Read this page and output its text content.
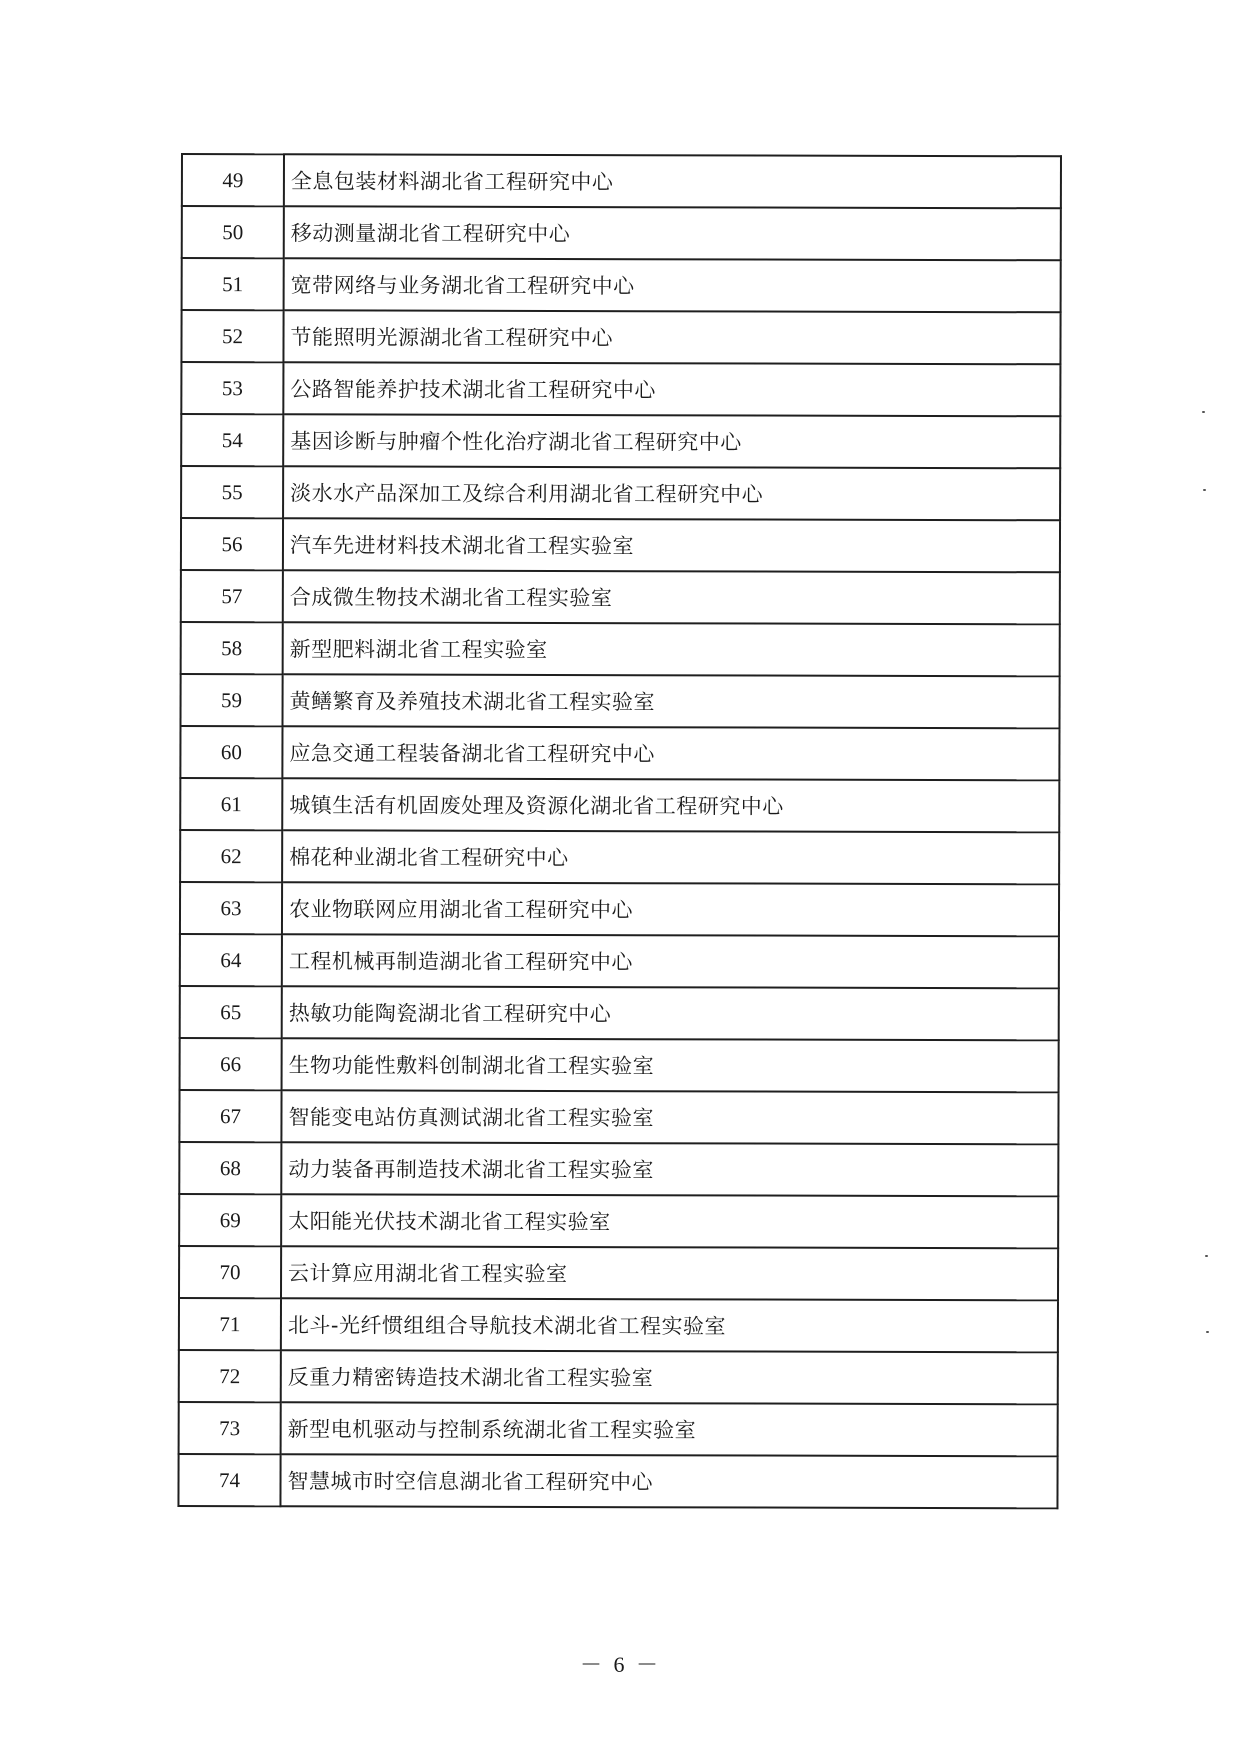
49	全息包装材料湖北省工程研究中心
50	移动测量湖北省工程研究中心
51	宽带网络与业务湖北省工程研究中心
52	节能照明光源湖北省工程研究中心
53	公路智能养护技术湖北省工程研究中心
54	基因诊断与肿瘤个性化治疗湖北省工程研究中心
55	淡水水产品深加工及综合利用湖北省工程研究中心
56	汽车先进材料技术湖北省工程实验室
57	合成微生物技术湖北省工程实验室
58	新型肥料湖北省工程实验室
59	黄鳝繁育及养殖技术湖北省工程实验室
60	应急交通工程装备湖北省工程研究中心
61	城镇生活有机固废处理及资源化湖北省工程研究中心
62	棉花种业湖北省工程研究中心
63	农业物联网应用湖北省工程研究中心
64	工程机械再制造湖北省工程研究中心
65	热敏功能陶瓷湖北省工程研究中心
66	生物功能性敷料创制湖北省工程实验室
67	智能变电站仿真测试湖北省工程实验室
68	动力装备再制造技术湖北省工程实验室
69	太阳能光伏技术湖北省工程实验室
70	云计算应用湖北省工程实验室
71	北斗-光纤惯组组合导航技术湖北省工程实验室
72	反重力精密铸造技术湖北省工程实验室
73	新型电机驱动与控制系统湖北省工程实验室
74	智慧城市时空信息湖北省工程研究中心
－ 6 －
